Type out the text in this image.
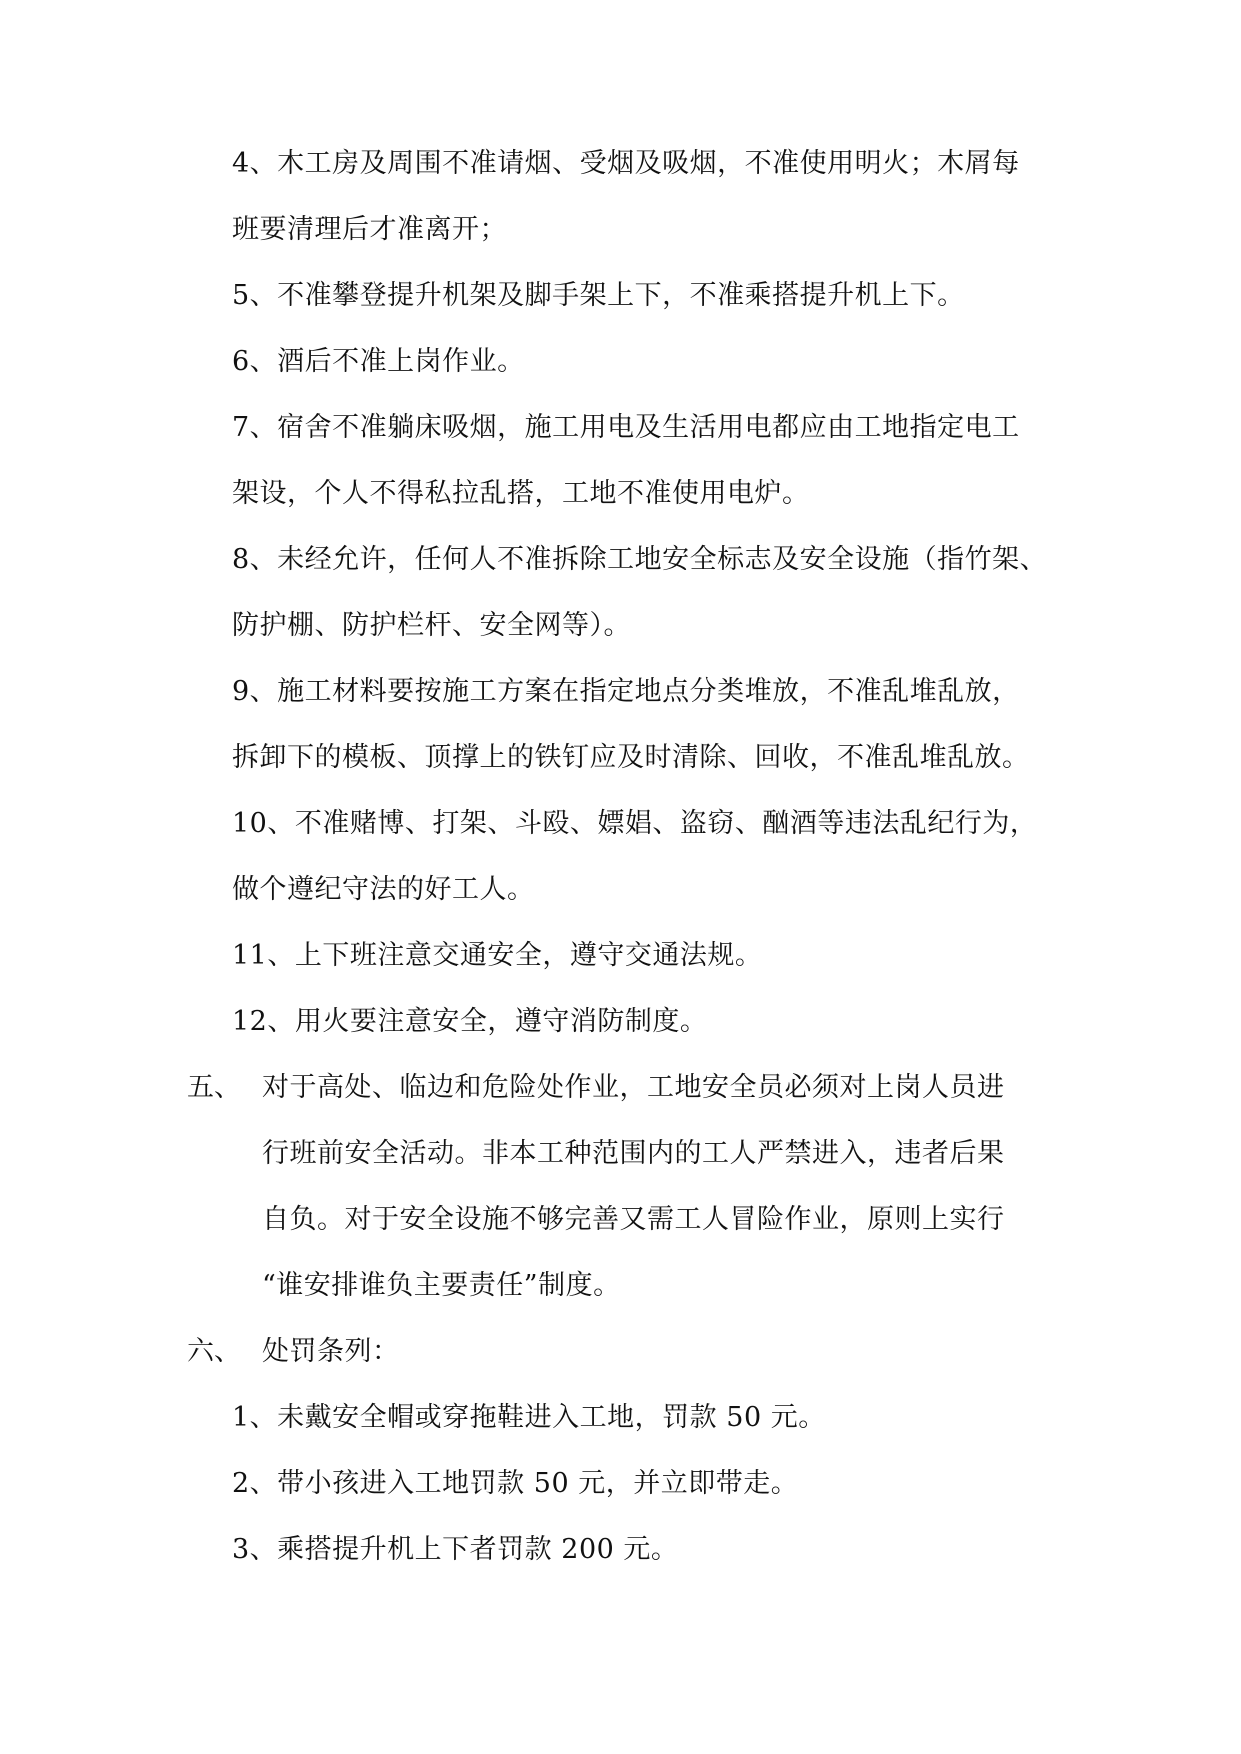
4、木工房及周围不准请烟、受烟及吸烟，不准使用明火；木屑每
班要清理后才准离开；
5、不准攀登提升机架及脚手架上下，不准乘搭提升机上下。
6、酒后不准上岗作业。
7、宿舍不准躺床吸烟，施工用电及生活用电都应由工地指定电工
架设，个人不得私拉乱搭，工地不准使用电炉。
8、未经允许，任何人不准拆除工地安全标志及安全设施（指竹架、
防护棚、防护栏杆、安全网等）。
9、施工材料要按施工方案在指定地点分类堆放，不准乱堆乱放，
拆卸下的模板、顶撑上的铁钉应及时清除、回收，不准乱堆乱放。
10、不准赌博、打架、斗殴、嫖娼、盗窃、酗酒等违法乱纪行为，
做个遵纪守法的好工人。
11、上下班注意交通安全，遵守交通法规。
12、用火要注意安全，遵守消防制度。
五、 对于高处、临边和危险处作业，工地安全员必须对上岗人员进
行班前安全活动。非本工种范围内的工人严禁进入，违者后果
自负。对于安全设施不够完善又需工人冒险作业，原则上实行
“谁安排谁负主要责任”制度。
六、 处罚条列：
1、未戴安全帽或穿拖鞋进入工地，罚款 50 元。
2、带小孩进入工地罚款 50 元，并立即带走。
3、乘搭提升机上下者罚款 200 元。
